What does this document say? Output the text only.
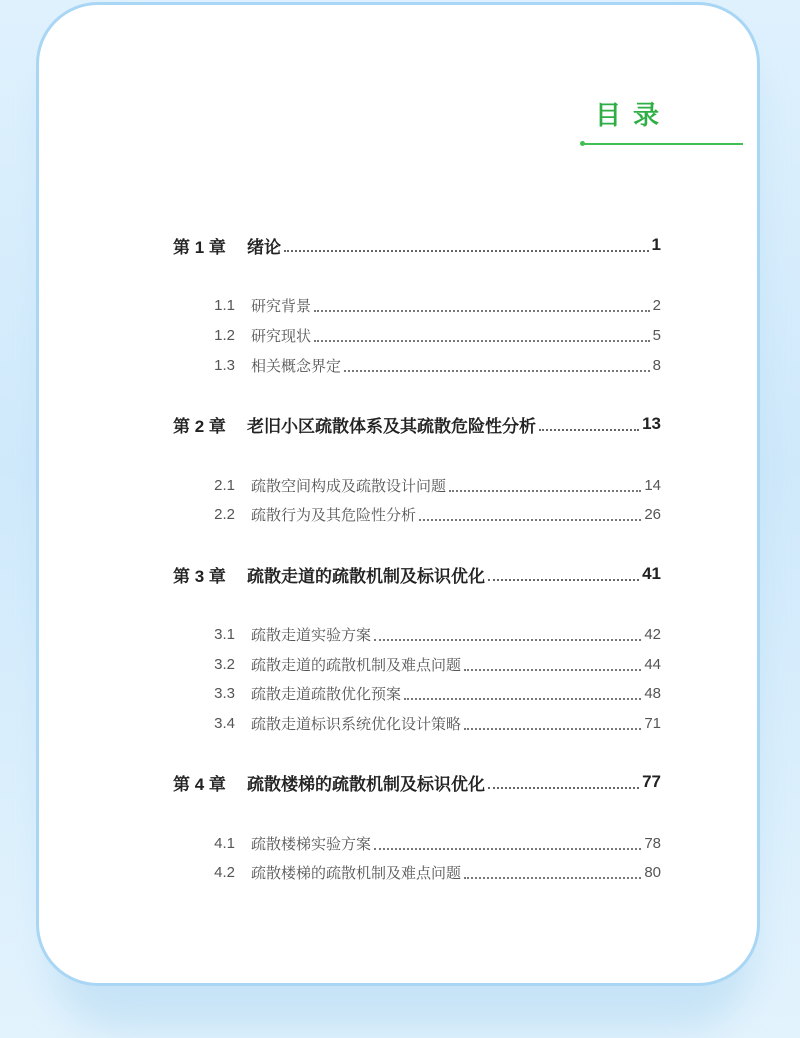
目录
第 1 章	绪论	1
1.1 研究背景	2
1.2 研究现状	5
1.3 相关概念界定	8
第 2 章	老旧小区疏散体系及其疏散危险性分析	13
2.1 疏散空间构成及疏散设计问题	14
2.2 疏散行为及其危险性分析	26
第 3 章	疏散走道的疏散机制及标识优化	41
3.1 疏散走道实验方案	42
3.2 疏散走道的疏散机制及难点问题	44
3.3 疏散走道疏散优化预案	48
3.4 疏散走道标识系统优化设计策略	71
第 4 章	疏散楼梯的疏散机制及标识优化	77
4.1 疏散楼梯实验方案	78
4.2 疏散楼梯的疏散机制及难点问题	80
